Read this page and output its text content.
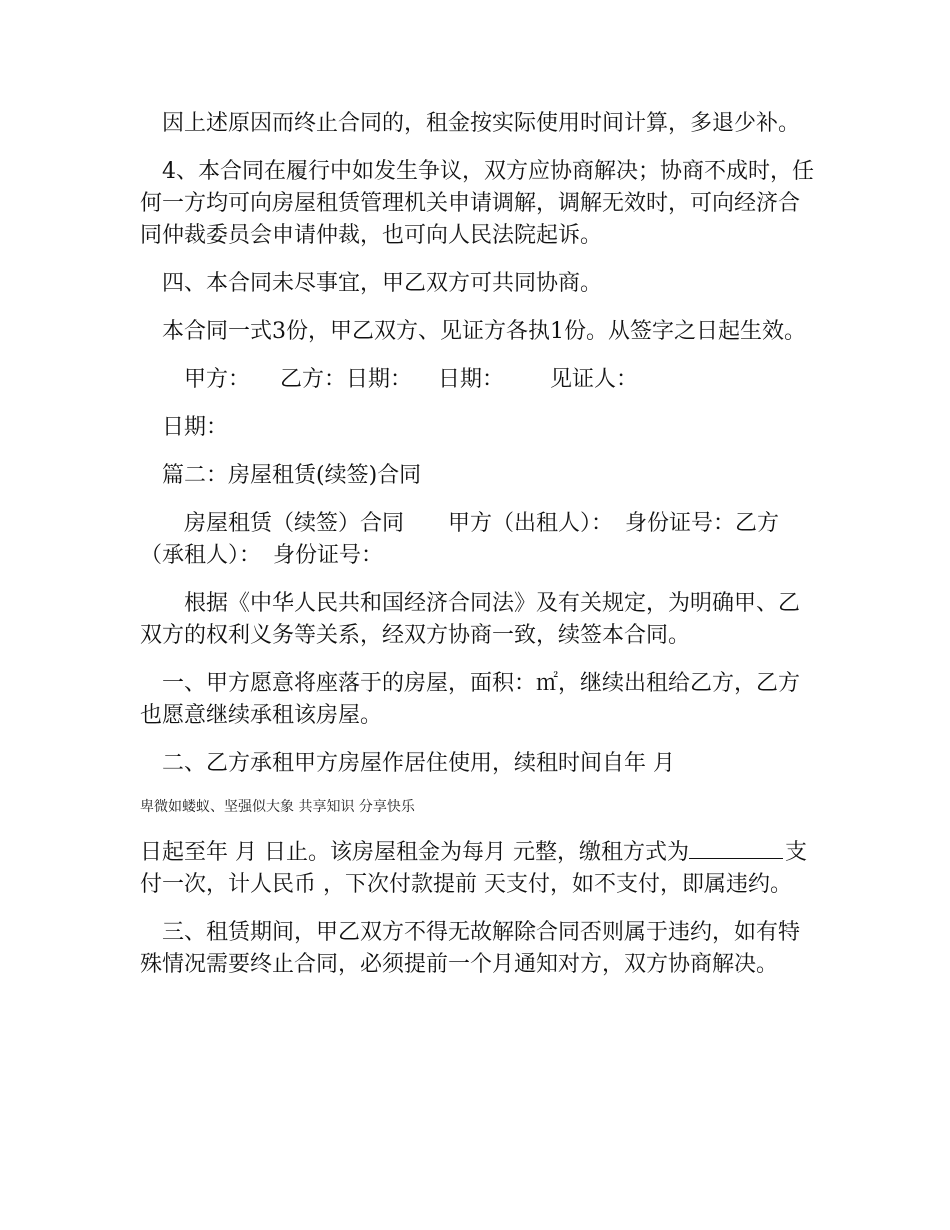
因上述原因而终止合同的，租金按实际使用时间计算，多退少补。

4、本合同在履行中如发生争议，双方应协商解决；协商不成时，任何一方均可向房屋租赁管理机关申请调解，调解无效时，可向经济合同仲裁委员会申请仲裁，也可向人民法院起诉。

四、本合同未尽事宜，甲乙双方可共同协商。

本合同一式3份，甲乙双方、见证方各执1份。从签字之日起生效。

甲方： 乙方：日期： 日期： 见证人：

日期：

篇二：房屋租赁(续签)合同

房屋租赁（续签）合同 甲方（出租人）： 身份证号：乙方（承租人）： 身份证号：

根据《中华人民共和国经济合同法》及有关规定，为明确甲、乙双方的权利义务等关系，经双方协商一致，续签本合同。

一、甲方愿意将座落于的房屋，面积：㎡，继续出租给乙方，乙方也愿意继续承租该房屋。

二、乙方承租甲方房屋作居住使用，续租时间自年 月

卑微如蝼蚁、坚强似大象 共享知识 分享快乐

日起至年 月 日止。该房屋租金为每月 元整，缴租方式为	支付一次，计人民币 ，下次付款提前 天支付，如不支付，即属违约。

三、租赁期间，甲乙双方不得无故解除合同否则属于违约，如有特殊情况需要终止合同，必须提前一个月通知对方，双方协商解决。
